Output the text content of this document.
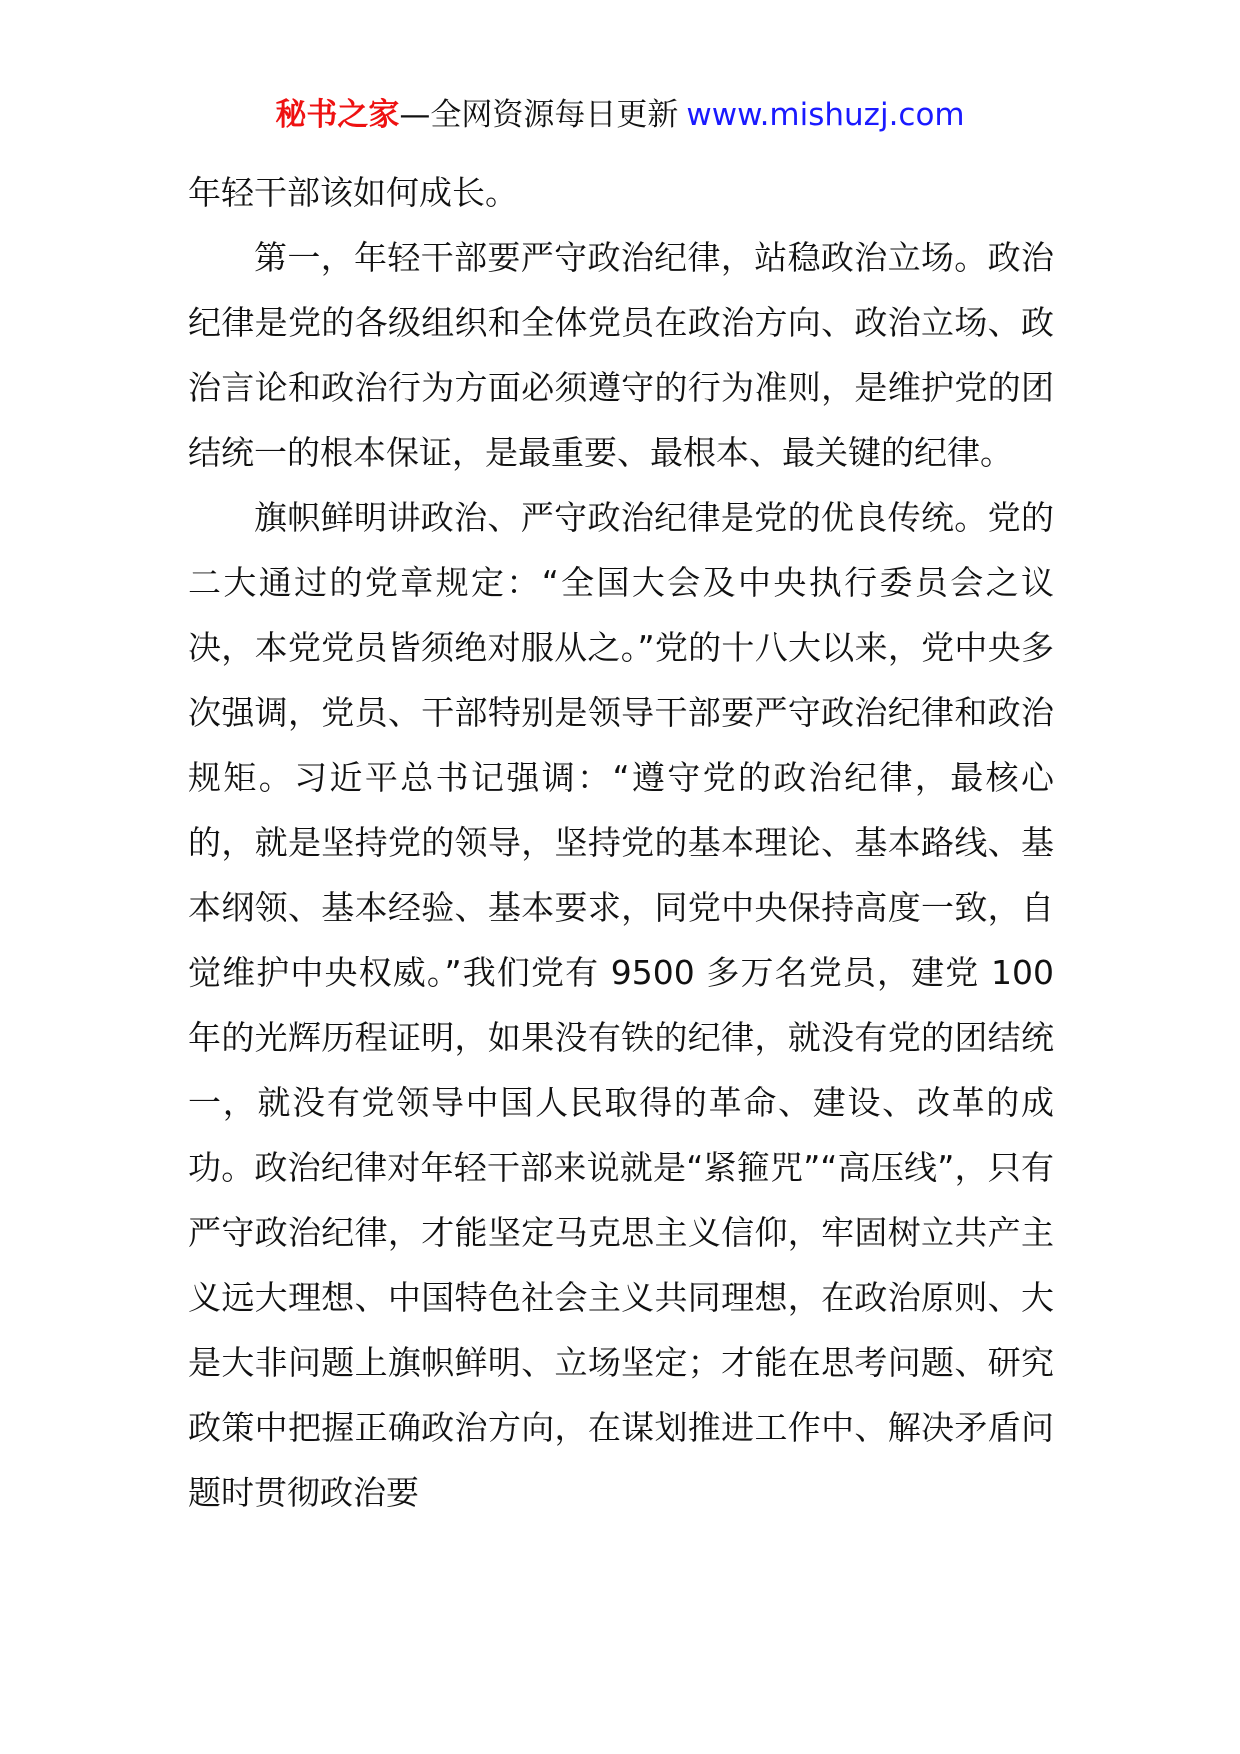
秘书之家—全网资源每日更新 www.mishuzj.com

年轻干部该如何成长。

第一，年轻干部要严守政治纪律，站稳政治立场。政治纪律是党的各级组织和全体党员在政治方向、政治立场、政治言论和政治行为方面必须遵守的行为准则，是维护党的团结统一的根本保证，是最重要、最根本、最关键的纪律。

旗帜鲜明讲政治、严守政治纪律是党的优良传统。党的二大通过的党章规定：“全国大会及中央执行委员会之议决，本党党员皆须绝对服从之。”党的十八大以来，党中央多次强调，党员、干部特别是领导干部要严守政治纪律和政治规矩。习近平总书记强调：“遵守党的政治纪律，最核心的，就是坚持党的领导，坚持党的基本理论、基本路线、基本纲领、基本经验、基本要求，同党中央保持高度一致，自觉维护中央权威。”我们党有 9500 多万名党员，建党 100 年的光辉历程证明，如果没有铁的纪律，就没有党的团结统一，就没有党领导中国人民取得的革命、建设、改革的成功。政治纪律对年轻干部来说就是“紧箍咒”“高压线”，只有严守政治纪律，才能坚定马克思主义信仰，牢固树立共产主义远大理想、中国特色社会主义共同理想，在政治原则、大是大非问题上旗帜鲜明、立场坚定；才能在思考问题、研究政策中把握正确政治方向，在谋划推进工作中、解决矛盾问题时贯彻政治要
